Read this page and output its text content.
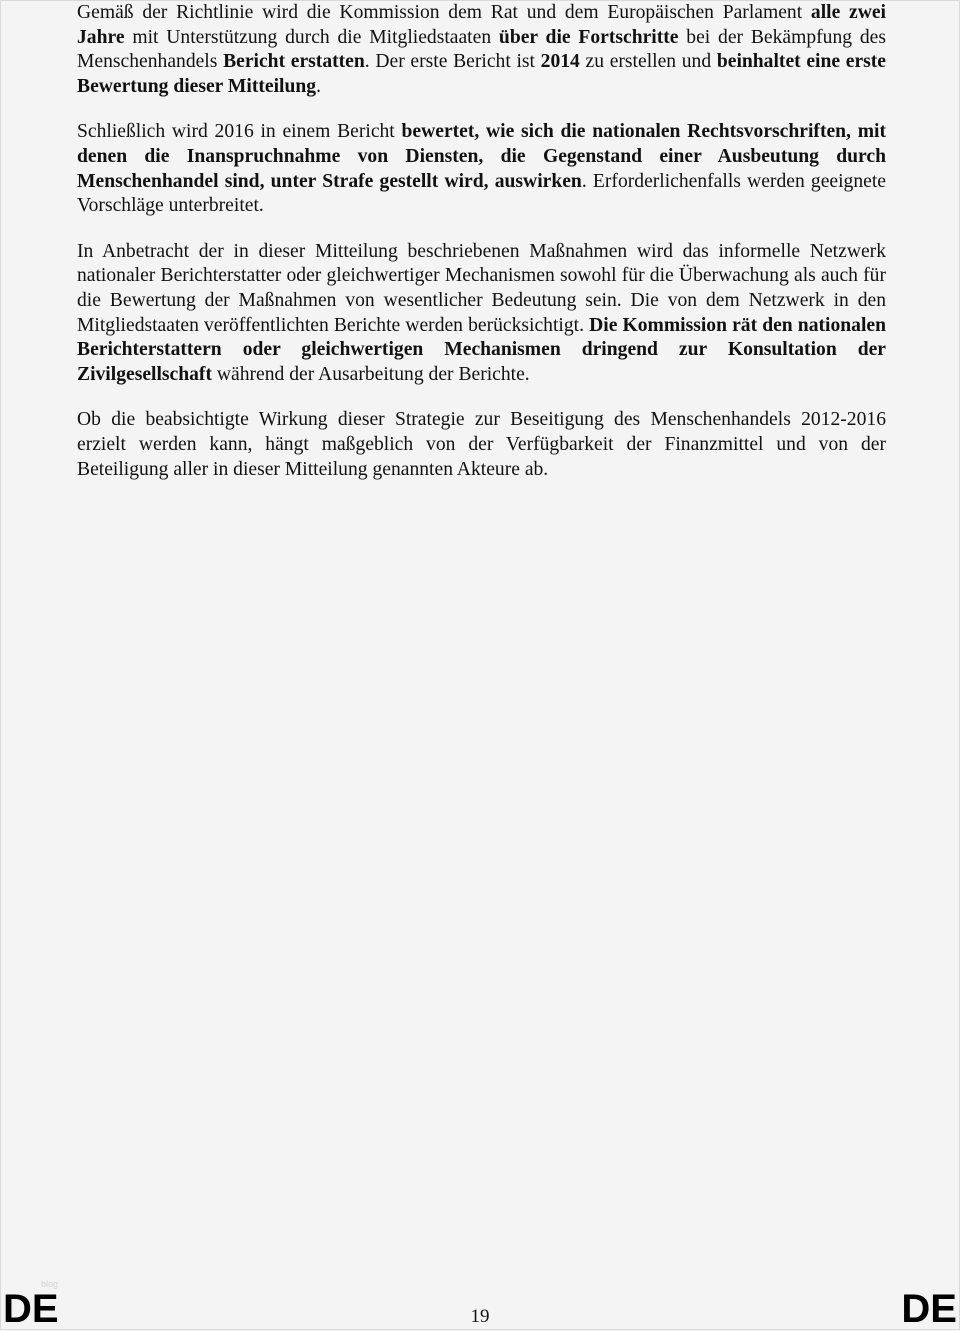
Gemäß der Richtlinie wird die Kommission dem Rat und dem Europäischen Parlament alle zwei Jahre mit Unterstützung durch die Mitgliedstaaten über die Fortschritte bei der Bekämpfung des Menschenhandels Bericht erstatten. Der erste Bericht ist 2014 zu erstellen und beinhaltet eine erste Bewertung dieser Mitteilung.

Schließlich wird 2016 in einem Bericht bewertet, wie sich die nationalen Rechtsvorschriften, mit denen die Inanspruchnahme von Diensten, die Gegenstand einer Ausbeutung durch Menschenhandel sind, unter Strafe gestellt wird, auswirken. Erforderlichenfalls werden geeignete Vorschläge unterbreitet.

In Anbetracht der in dieser Mitteilung beschriebenen Maßnahmen wird das informelle Netzwerk nationaler Berichterstatter oder gleichwertiger Mechanismen sowohl für die Überwachung als auch für die Bewertung der Maßnahmen von wesentlicher Bedeutung sein. Die von dem Netzwerk in den Mitgliedstaaten veröffentlichten Berichte werden berücksichtigt. Die Kommission rät den nationalen Berichterstattern oder gleichwertigen Mechanismen dringend zur Konsultation der Zivilgesellschaft während der Ausarbeitung der Berichte.

Ob die beabsichtigte Wirkung dieser Strategie zur Beseitigung des Menschenhandels 2012-2016 erzielt werden kann, hängt maßgeblich von der Verfügbarkeit der Finanzmittel und von der Beteiligung aller in dieser Mitteilung genannten Akteure ab.

blog
DE	19	DE
